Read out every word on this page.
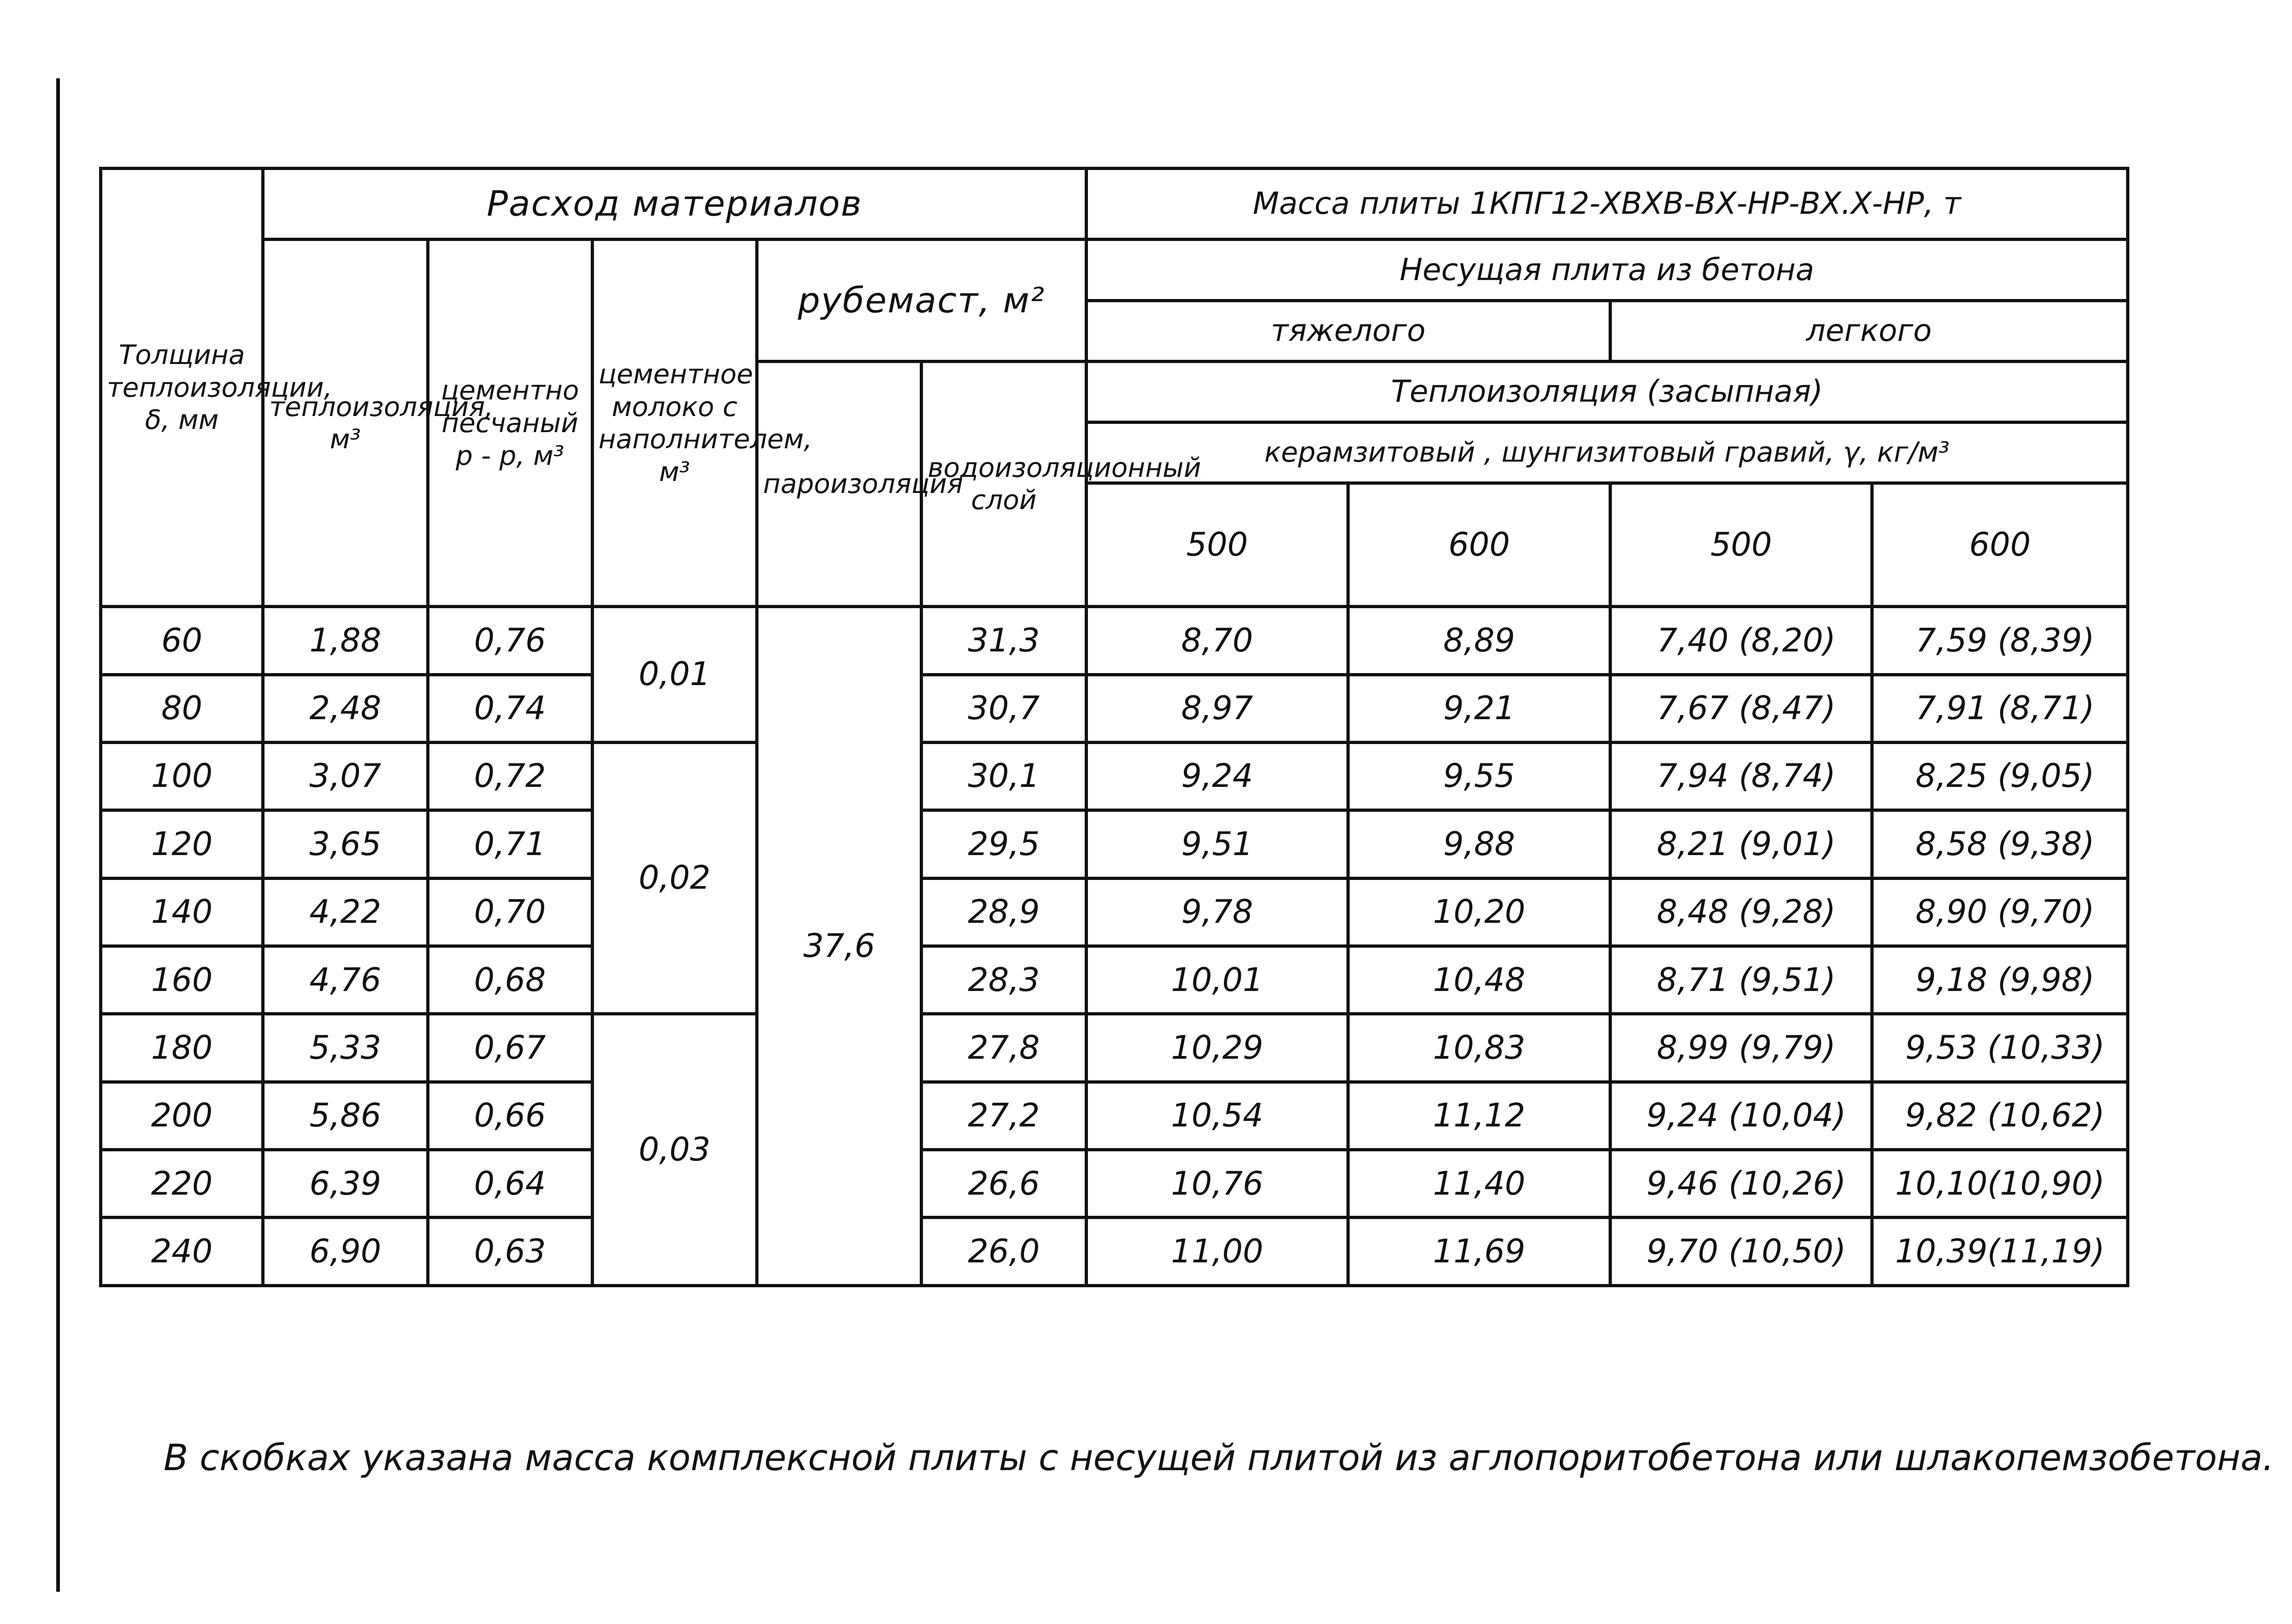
Толщина теплоизоляции, δ, мм	Расход материалов					Масса плиты 1КПГ12-ХВХВ-ВХ-НР-ВХ.Х-НР, т			
	теплоизоляция, м³	цементно песчаный р - р, м³	цементное молоко с наполнителем, м³	рубемаст, м²		Несущая плита из бетона			
						тяжелого		легкого	
				пароизоляция	водоизоляционный слой	Теплоизоляция (засыпная)			
						керамзитовый , шунгизитовый гравий, γ, кг/м³			
						500	600	500	600
60	1,88	0,76	0,01	37,6	31,3	8,70	8,89	7,40 (8,20)	7,59 (8,39)
80	2,48	0,74			30,7	8,97	9,21	7,67 (8,47)	7,91 (8,71)
100	3,07	0,72	0,02		30,1	9,24	9,55	7,94 (8,74)	8,25 (9,05)
120	3,65	0,71			29,5	9,51	9,88	8,21 (9,01)	8,58 (9,38)
140	4,22	0,70			28,9	9,78	10,20	8,48 (9,28)	8,90 (9,70)
160	4,76	0,68			28,3	10,01	10,48	8,71 (9,51)	9,18 (9,98)
180	5,33	0,67	0,03		27,8	10,29	10,83	8,99 (9,79)	9,53 (10,33)
200	5,86	0,66			27,2	10,54	11,12	9,24 (10,04)	9,82 (10,62)
220	6,39	0,64			26,6	10,76	11,40	9,46 (10,26)	10,10(10,90)
240	6,90	0,63			26,0	11,00	11,69	9,70 (10,50)	10,39(11,19)
В скобках указана масса комплексной плиты с несущей плитой из аглопоритобетона или шлакопемзобетона.
